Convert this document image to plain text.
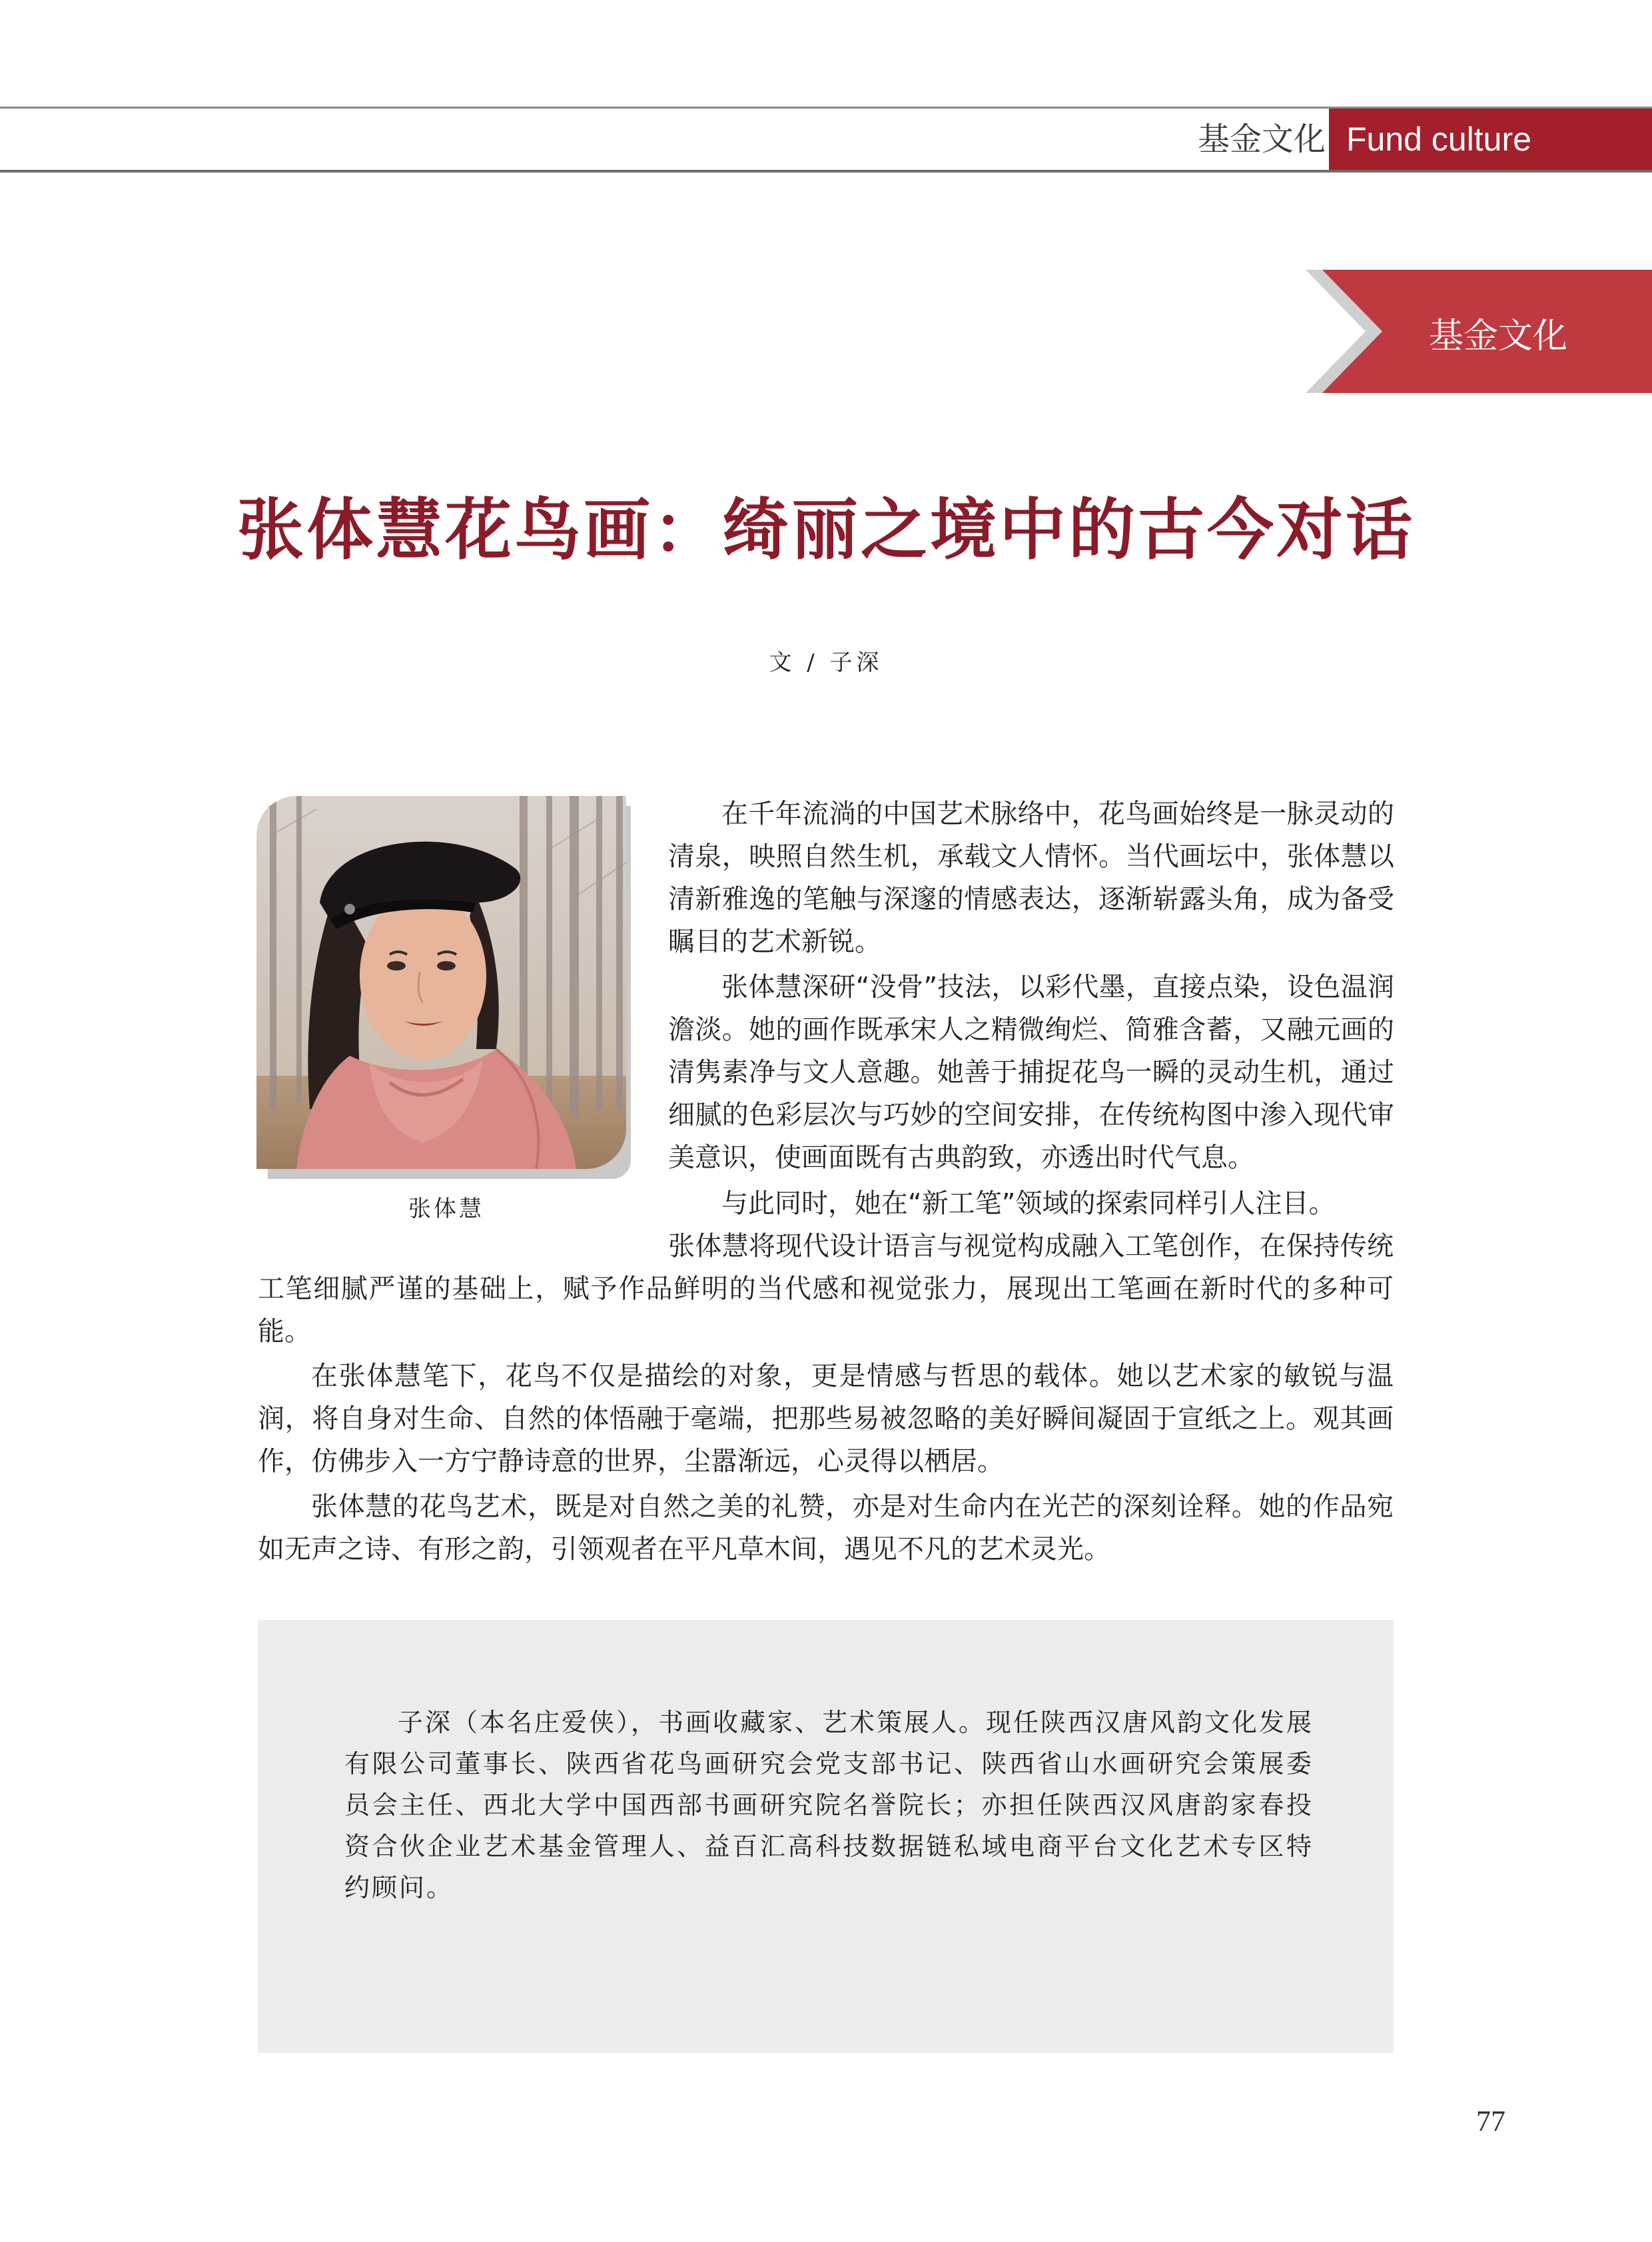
基金文化 Fund culture
基金文化
张体慧花鸟画：绮丽之境中的古今对话
文 / 子深
张体慧

在千年流淌的中国艺术脉络中，花鸟画始终是一脉灵动的清泉，映照自然生机，承载文人情怀。当代画坛中，张体慧以清新雅逸的笔触与深邃的情感表达，逐渐崭露头角，成为备受瞩目的艺术新锐。

张体慧深研“没骨”技法，以彩代墨，直接点染，设色温润澹淡。她的画作既承宋人之精微绚烂、简雅含蓄，又融元画的清隽素净与文人意趣。她善于捕捉花鸟一瞬的灵动生机，通过细腻的色彩层次与巧妙的空间安排，在传统构图中渗入现代审美意识，使画面既有古典韵致，亦透出时代气息。

与此同时，她在“新工笔”领域的探索同样引人注目。

张体慧将现代设计语言与视觉构成融入工笔创作，在保持传统工笔细腻严谨的基础上，赋予作品鲜明的当代感和视觉张力，展现出工笔画在新时代的多种可能。

在张体慧笔下，花鸟不仅是描绘的对象，更是情感与哲思的载体。她以艺术家的敏锐与温润，将自身对生命、自然的体悟融于毫端，把那些易被忽略的美好瞬间凝固于宣纸之上。观其画作，仿佛步入一方宁静诗意的世界，尘嚣渐远，心灵得以栖居。

张体慧的花鸟艺术，既是对自然之美的礼赞，亦是对生命内在光芒的深刻诠释。她的作品宛如无声之诗、有形之韵，引领观者在平凡草木间，遇见不凡的艺术灵光。

子深（本名庄爱侠），书画收藏家、艺术策展人。现任陕西汉唐风韵文化发展有限公司董事长、陕西省花鸟画研究会党支部书记、陕西省山水画研究会策展委员会主任、西北大学中国西部书画研究院名誉院长；亦担任陕西汉风唐韵家春投资合伙企业艺术基金管理人、益百汇高科技数据链私域电商平台文化艺术专区特约顾问。

77
